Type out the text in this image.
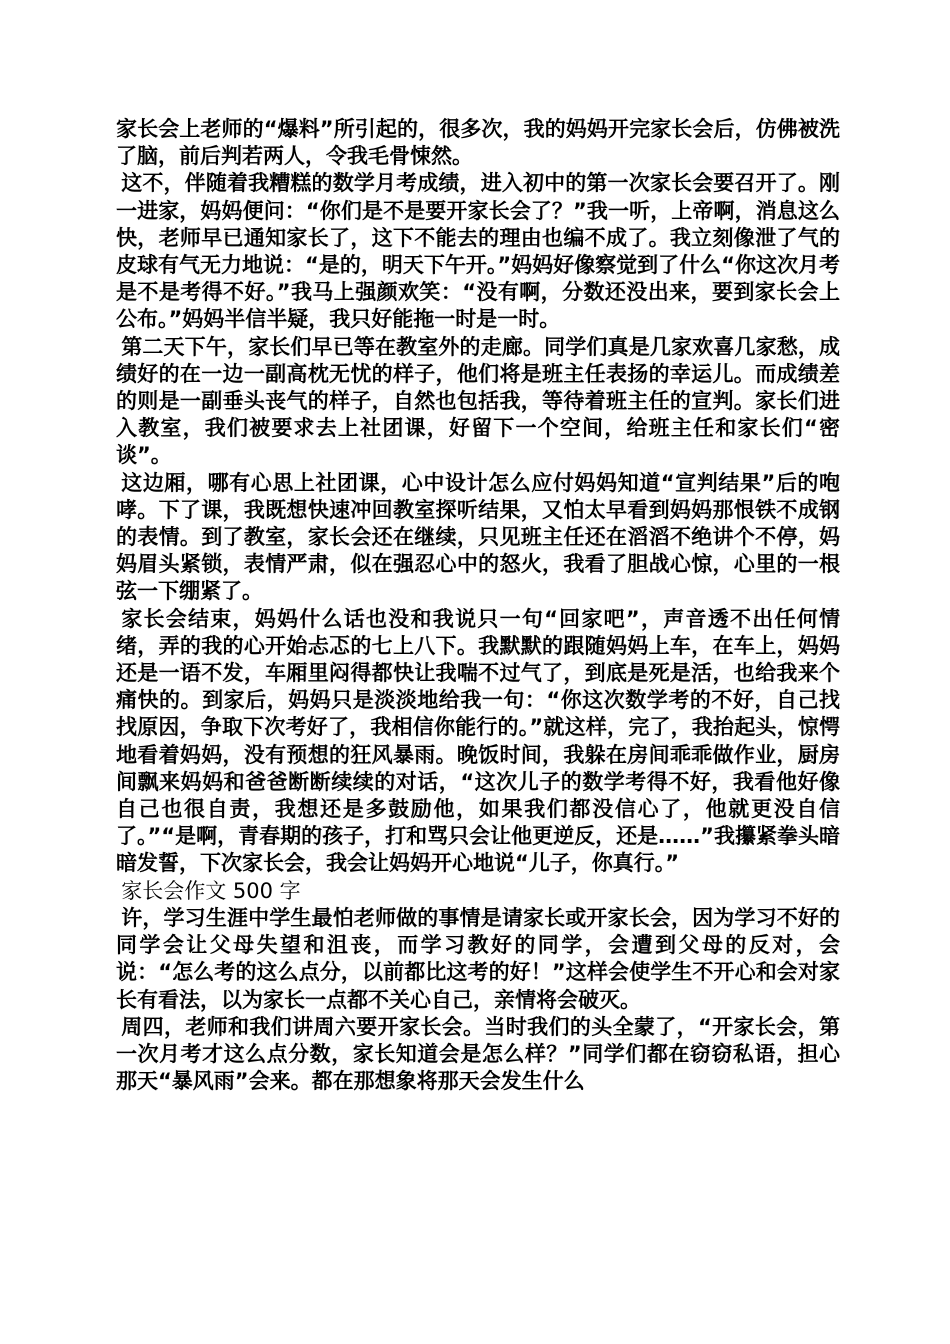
家长会上老师的“爆料”所引起的，很多次，我的妈妈开完家长会后，仿佛被洗了脑，前后判若两人，令我毛骨悚然。

这不，伴随着我糟糕的数学月考成绩，进入初中的第一次家长会要召开了。刚一进家，妈妈便问：“你们是不是要开家长会了？”我一听，上帝啊，消息这么快，老师早已通知家长了，这下不能去的理由也编不成了。我立刻像泄了气的皮球有气无力地说：“是的，明天下午开。”妈妈好像察觉到了什么“你这次月考是不是考得不好。”我马上强颜欢笑：“没有啊，分数还没出来，要到家长会上公布。”妈妈半信半疑，我只好能拖一时是一时。

第二天下午，家长们早已等在教室外的走廊。同学们真是几家欢喜几家愁，成绩好的在一边一副高枕无忧的样子，他们将是班主任表扬的幸运儿。而成绩差的则是一副垂头丧气的样子，自然也包括我，等待着班主任的宣判。家长们进入教室，我们被要求去上社团课，好留下一个空间，给班主任和家长们“密谈”。

这边厢，哪有心思上社团课，心中设计怎么应付妈妈知道“宣判结果”后的咆哮。下了课，我既想快速冲回教室探听结果，又怕太早看到妈妈那恨铁不成钢的表情。到了教室，家长会还在继续，只见班主任还在滔滔不绝讲个不停，妈妈眉头紧锁，表情严肃，似在强忍心中的怒火，我看了胆战心惊，心里的一根弦一下绷紧了。

家长会结束，妈妈什么话也没和我说只一句“回家吧”，声音透不出任何情绪，弄的我的心开始忐忑的七上八下。我默默的跟随妈妈上车，在车上，妈妈还是一语不发，车厢里闷得都快让我喘不过气了，到底是死是活，也给我来个痛快的。到家后，妈妈只是淡淡地给我一句：“你这次数学考的不好，自己找找原因，争取下次考好了，我相信你能行的。”就这样，完了，我抬起头，惊愕地看着妈妈，没有预想的狂风暴雨。晚饭时间，我躲在房间乖乖做作业，厨房间飘来妈妈和爸爸断断续续的对话，“这次儿子的数学考得不好，我看他好像自己也很自责，我想还是多鼓励他，如果我们都没信心了，他就更没自信了。”“是啊，青春期的孩子，打和骂只会让他更逆反，还是……”我攥紧拳头暗暗发誓，下次家长会，我会让妈妈开心地说“儿子，你真行。”

家长会作文 500 字

许，学习生涯中学生最怕老师做的事情是请家长或开家长会，因为学习不好的同学会让父母失望和沮丧，而学习教好的同学，会遭到父母的反对，会说：“怎么考的这么点分，以前都比这考的好！”这样会使学生不开心和会对家长有看法，以为家长一点都不关心自己，亲情将会破灭。

周四，老师和我们讲周六要开家长会。当时我们的头全蒙了，“开家长会，第一次月考才这么点分数，家长知道会是怎么样？”同学们都在窃窃私语，担心那天“暴风雨”会来。都在那想象将那天会发生什么
